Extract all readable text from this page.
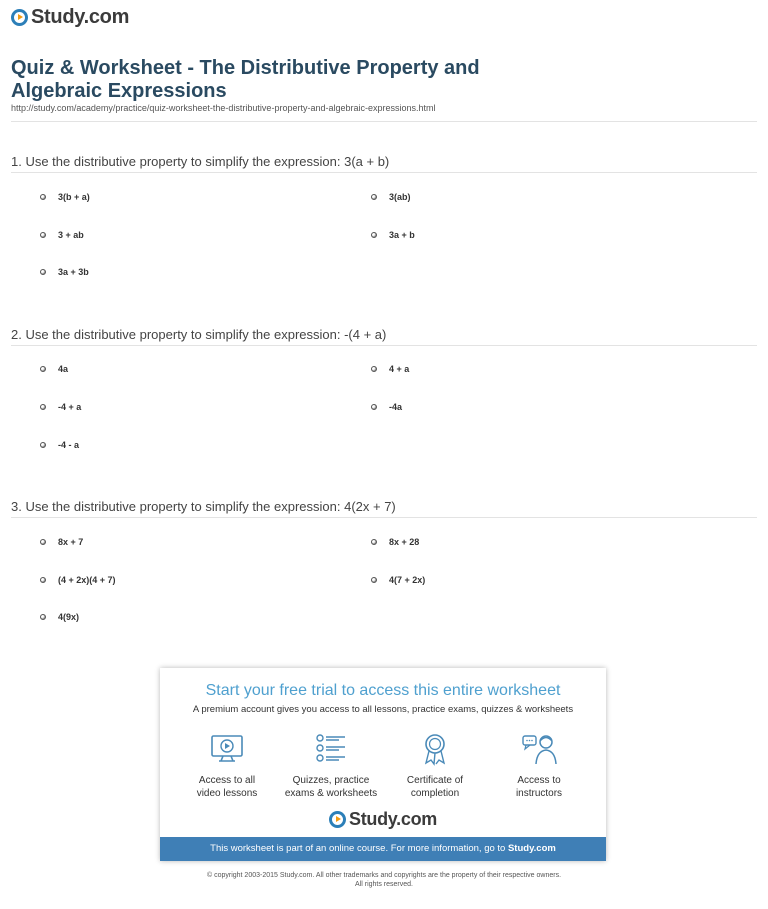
Study.com
Quiz & Worksheet - The Distributive Property and Algebraic Expressions
http://study.com/academy/practice/quiz-worksheet-the-distributive-property-and-algebraic-expressions.html
1. Use the distributive property to simplify the expression: 3(a + b)
3(b + a)	3(ab)
3 + ab	3a + b
3a + 3b
2. Use the distributive property to simplify the expression: -(4 + a)
4a	4 + a
-4 + a	-4a
-4 - a
3. Use the distributive property to simplify the expression: 4(2x + 7)
8x + 7	8x + 28
(4 + 2x)(4 + 7)	4(7 + 2x)
4(9x)
Start your free trial to access this entire worksheet
A premium account gives you access to all lessons, practice exams, quizzes & worksheets
Access to all
video lessons
Quizzes, practice
exams & worksheets
Certificate of
completion
Access to
instructors
Study.com
This worksheet is part of an online course. For more information, go to Study.com
© copyright 2003-2015 Study.com. All other trademarks and copyrights are the property of their respective owners.
All rights reserved.
